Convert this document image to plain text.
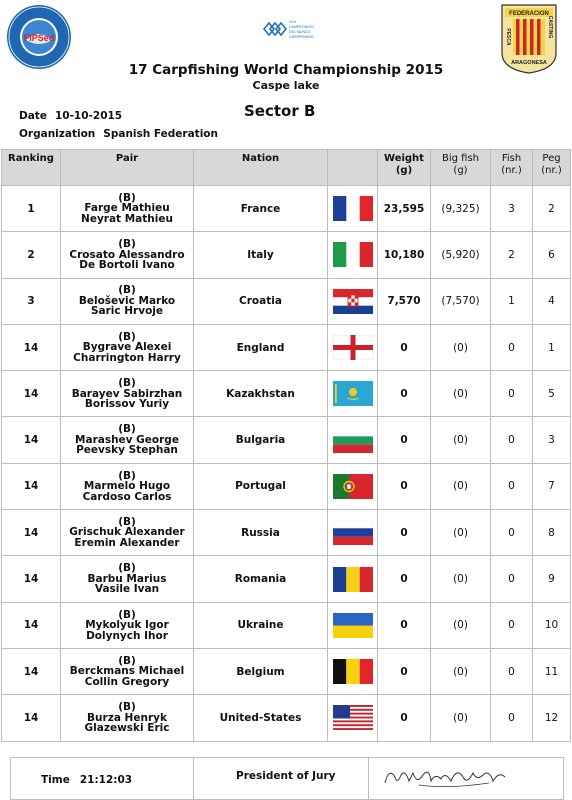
FIPSed
XVII
CAMPEONATO
DEL MUNDO
CARPFISHING
FEDERACION
PESCA	CASTING
ARAGONESA
17 Carpfishing World Championship 2015
Caspe lake
Sector B
Date 10-10-2015
Organization Spanish Federation
Ranking	Pair	Nation		Weight
(g)	Big fish
(g)	Fish
(nr.)	Peg
(nr.)
1	(B)
Farge Mathieu
Neyrat Mathieu	France		23,595	(9,325)	3	2
2	(B)
Crosato Alessandro
De Bortoli Ivano	Italy		10,180	(5,920)	2	6
3	(B)
Beloševic Marko
Saric Hrvoje	Croatia		7,570	(7,570)	1	4
14	(B)
Bygrave Alexei
Charrington Harry	England		0	(0)	0	1
14	(B)
Barayev Sabirzhan
Borissov Yuriy	Kazakhstan		0	(0)	0	5
14	(B)
Marashev George
Peevsky Stephan	Bulgaria		0	(0)	0	3
14	(B)
Marmelo Hugo
Cardoso Carlos	Portugal		0	(0)	0	7
14	(B)
Grischuk Alexander
Eremin Alexander	Russia		0	(0)	0	8
14	(B)
Barbu Marius
Vasile Ivan	Romania		0	(0)	0	9
14	(B)
Mykolyuk Igor
Dolynych Ihor	Ukraine		0	(0)	0	10
14	(B)
Berckmans Michael
Collin Gregory	Belgium		0	(0)	0	11
14	(B)
Burza Henryk
Glazewski Eric	United-States		0	(0)	0	12
Time 21:12:03	President of Jury
